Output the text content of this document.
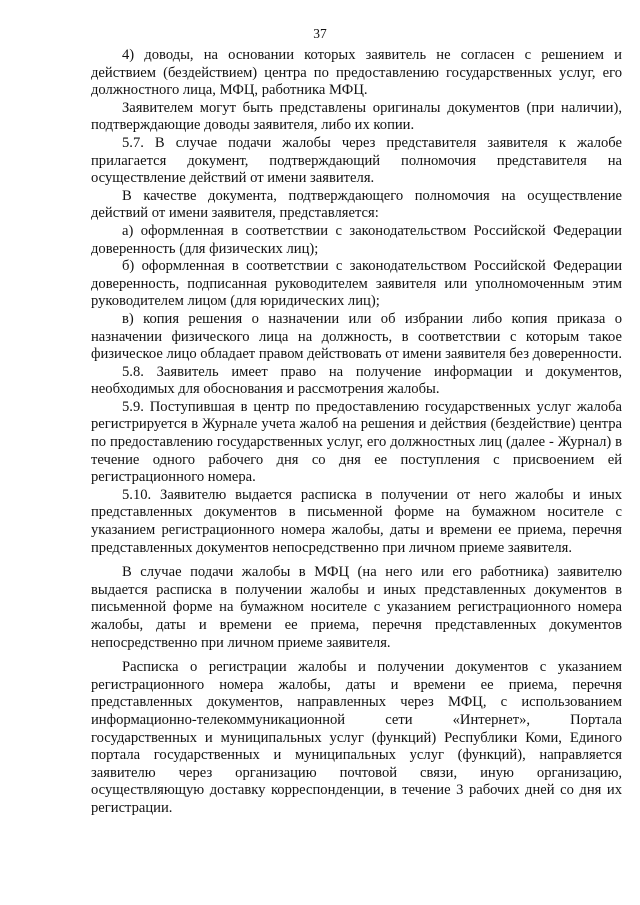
37

4) доводы, на основании которых заявитель не согласен с решением и действием (бездействием) центра по предоставлению государственных услуг, его должностного лица, МФЦ, работника МФЦ.

Заявителем могут быть представлены оригиналы документов (при наличии), подтверждающие доводы заявителя, либо их копии.

5.7. В случае подачи жалобы через представителя заявителя к жалобе прилагается документ, подтверждающий полномочия представителя на осуществление действий от имени заявителя.

В качестве документа, подтверждающего полномочия на осуществление действий от имени заявителя, представляется:

а) оформленная в соответствии с законодательством Российской Федерации доверенность (для физических лиц);

б) оформленная в соответствии с законодательством Российской Федерации доверенность, подписанная руководителем заявителя или уполномоченным этим руководителем лицом (для юридических лиц);

в) копия решения о назначении или об избрании либо копия приказа о назначении физического лица на должность, в соответствии с которым такое физическое лицо обладает правом действовать от имени заявителя без доверенности.

5.8. Заявитель имеет право на получение информации и документов, необходимых для обоснования и рассмотрения жалобы.

5.9. Поступившая в центр по предоставлению государственных услуг жалоба регистрируется в Журнале учета жалоб на решения и действия (бездействие) центра по предоставлению государственных услуг, его должностных лиц (далее - Журнал) в течение одного рабочего дня со дня ее поступления с присвоением ей регистрационного номера.

5.10. Заявителю выдается расписка в получении от него жалобы и иных представленных документов в письменной форме на бумажном носителе с указанием регистрационного номера жалобы, даты и времени ее приема, перечня представленных документов непосредственно при личном приеме заявителя.

В случае подачи жалобы в МФЦ (на него или его работника) заявителю выдается расписка в получении жалобы и иных представленных документов в письменной форме на бумажном носителе с указанием регистрационного номера жалобы, даты и времени ее приема, перечня представленных документов непосредственно при личном приеме заявителя.

Расписка о регистрации жалобы и получении документов с указанием регистрационного номера жалобы, даты и времени ее приема, перечня представленных документов, направленных через МФЦ, с использованием информационно-телекоммуникационной сети «Интернет», Портала государственных и муниципальных услуг (функций) Республики Коми, Единого портала государственных и муниципальных услуг (функций), направляется заявителю через организацию почтовой связи, иную организацию, осуществляющую доставку корреспонденции, в течение 3 рабочих дней со дня их регистрации.
